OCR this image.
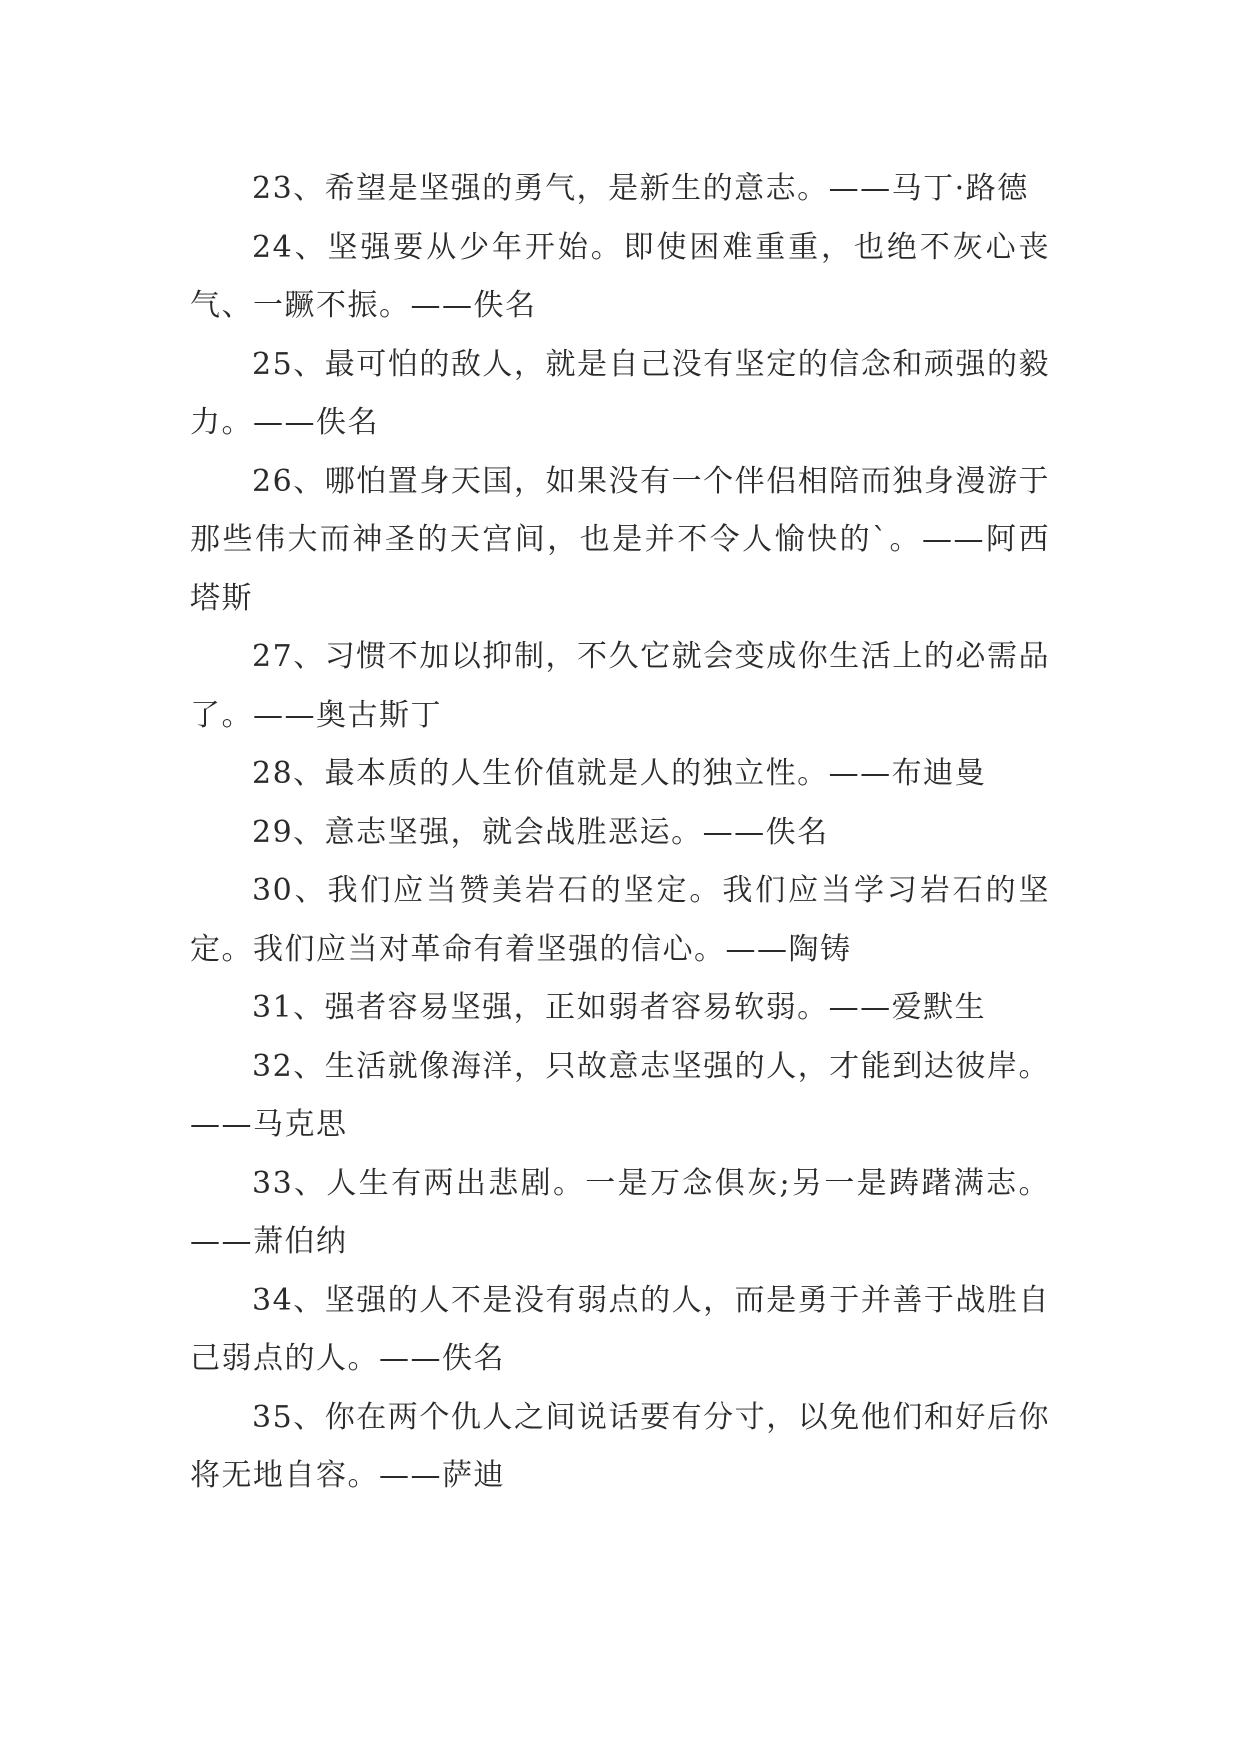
23、希望是坚强的勇气，是新生的意志。——马丁·路德

24、坚强要从少年开始。即使困难重重，也绝不灰心丧气、一蹶不振。——佚名

25、最可怕的敌人，就是自己没有坚定的信念和顽强的毅力。——佚名

26、哪怕置身天国，如果没有一个伴侣相陪而独身漫游于那些伟大而神圣的天宫间，也是并不令人愉快的`。——阿西塔斯

27、习惯不加以抑制，不久它就会变成你生活上的必需品了。——奥古斯丁

28、最本质的人生价值就是人的独立性。——布迪曼

29、意志坚强，就会战胜恶运。——佚名

30、我们应当赞美岩石的坚定。我们应当学习岩石的坚定。我们应当对革命有着坚强的信心。——陶铸

31、强者容易坚强，正如弱者容易软弱。——爱默生

32、生活就像海洋，只故意志坚强的人，才能到达彼岸。——马克思

33、人生有两出悲剧。一是万念俱灰;另一是踌躇满志。——萧伯纳

34、坚强的人不是没有弱点的人，而是勇于并善于战胜自己弱点的人。——佚名

35、你在两个仇人之间说话要有分寸，以免他们和好后你将无地自容。——萨迪
